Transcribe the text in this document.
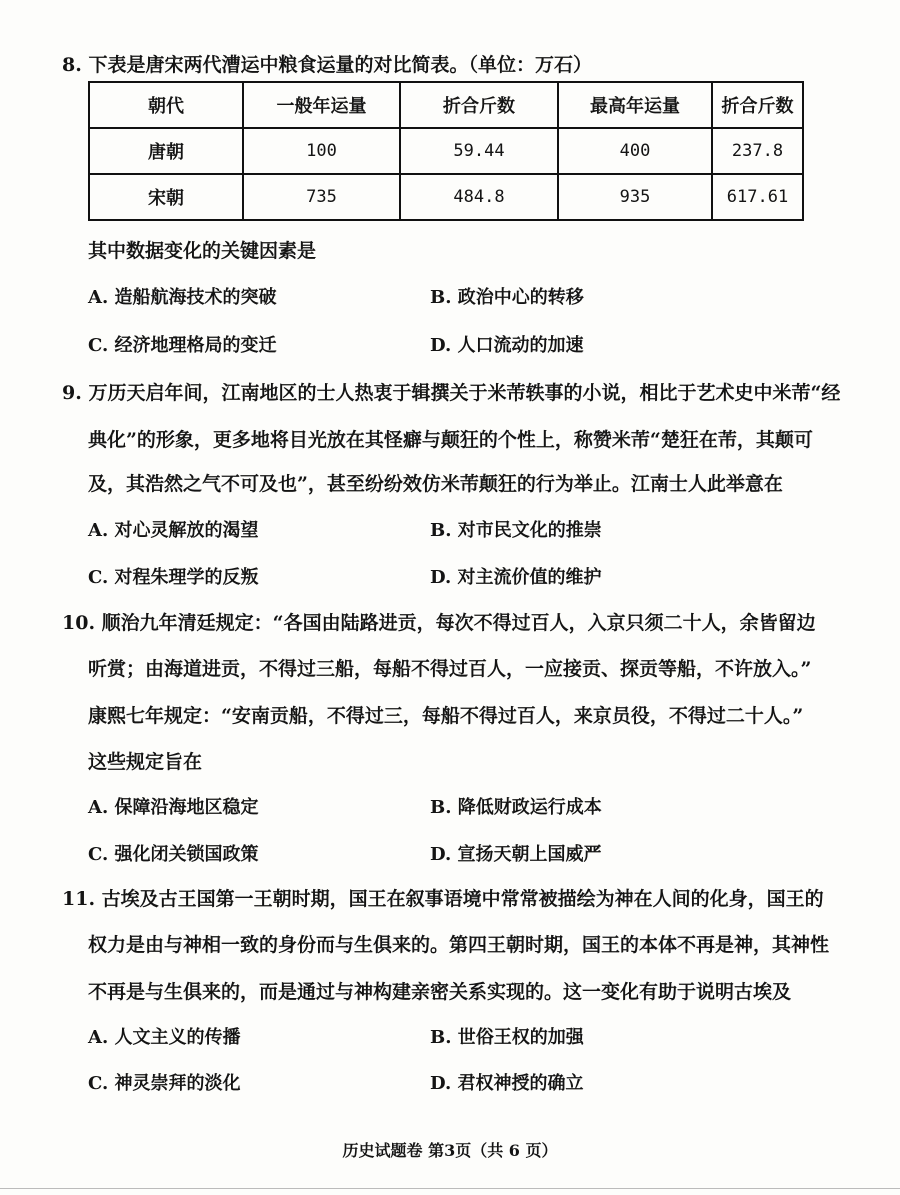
8. 下表是唐宋两代漕运中粮食运量的对比简表。（单位：万石）
朝代	一般年运量	折合斤数	最高年运量	折合斤数
唐朝	100	59.44	400	237.8
宋朝	735	484.8	935	617.61
其中数据变化的关键因素是
A. 造船航海技术的突破	B. 政治中心的转移
C. 经济地理格局的变迁	D. 人口流动的加速
9. 万历天启年间，江南地区的士人热衷于辑撰关于米芾轶事的小说，相比于艺术史中米芾“经
典化”的形象，更多地将目光放在其怪癖与颠狂的个性上，称赞米芾“楚狂在芾，其颠可
及，其浩然之气不可及也”，甚至纷纷效仿米芾颠狂的行为举止。江南士人此举意在
A. 对心灵解放的渴望	B. 对市民文化的推崇
C. 对程朱理学的反叛	D. 对主流价值的维护
10. 顺治九年清廷规定：“各国由陆路进贡，每次不得过百人，入京只须二十人，余皆留边
听赏；由海道进贡，不得过三船，每船不得过百人，一应接贡、探贡等船，不许放入。”
康熙七年规定：“安南贡船，不得过三，每船不得过百人，来京员役，不得过二十人。”
这些规定旨在
A. 保障沿海地区稳定	B. 降低财政运行成本
C. 强化闭关锁国政策	D. 宣扬天朝上国威严
11. 古埃及古王国第一王朝时期，国王在叙事语境中常常被描绘为神在人间的化身，国王的
权力是由与神相一致的身份而与生俱来的。第四王朝时期，国王的本体不再是神，其神性
不再是与生俱来的，而是通过与神构建亲密关系实现的。这一变化有助于说明古埃及
A. 人文主义的传播	B. 世俗王权的加强
C. 神灵崇拜的淡化	D. 君权神授的确立
历史试题卷 第3页（共 6 页）
